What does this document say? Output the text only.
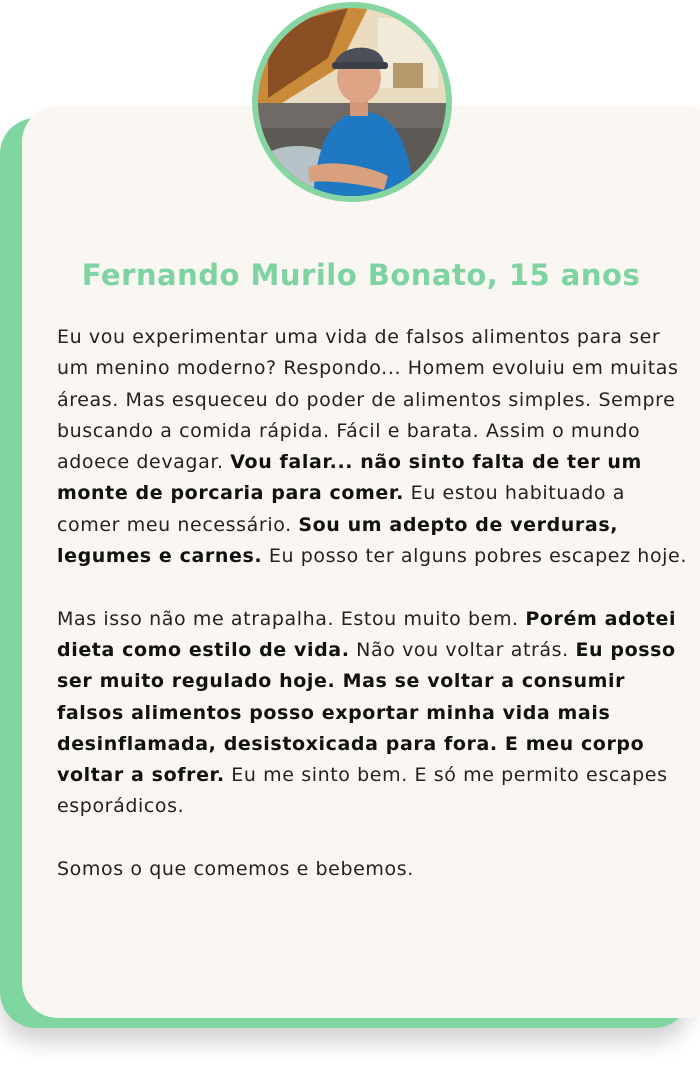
Fernando Murilo Bonato, 15 anos

Eu vou experimentar uma vida de falsos alimentos para ser um menino moderno? Respondo... Homem evoluiu em muitas áreas. Mas esqueceu do poder de alimentos simples. Sempre buscando a comida rápida. Fácil e barata. Assim o mundo adoece devagar. Vou falar... não sinto falta de ter um monte de porcaria para comer. Eu estou habituado a comer meu necessário. Sou um adepto de verduras, legumes e carnes. Eu posso ter alguns pobres escapez hoje.

Mas isso não me atrapalha. Estou muito bem. Porém adotei dieta como estilo de vida. Não vou voltar atrás. Eu posso ser muito regulado hoje. Mas se voltar a consumir falsos alimentos posso exportar minha vida mais desinflamada, desistoxicada para fora. E meu corpo voltar a sofrer. Eu me sinto bem. E só me permito escapes esporádicos.

Somos o que comemos e bebemos.
